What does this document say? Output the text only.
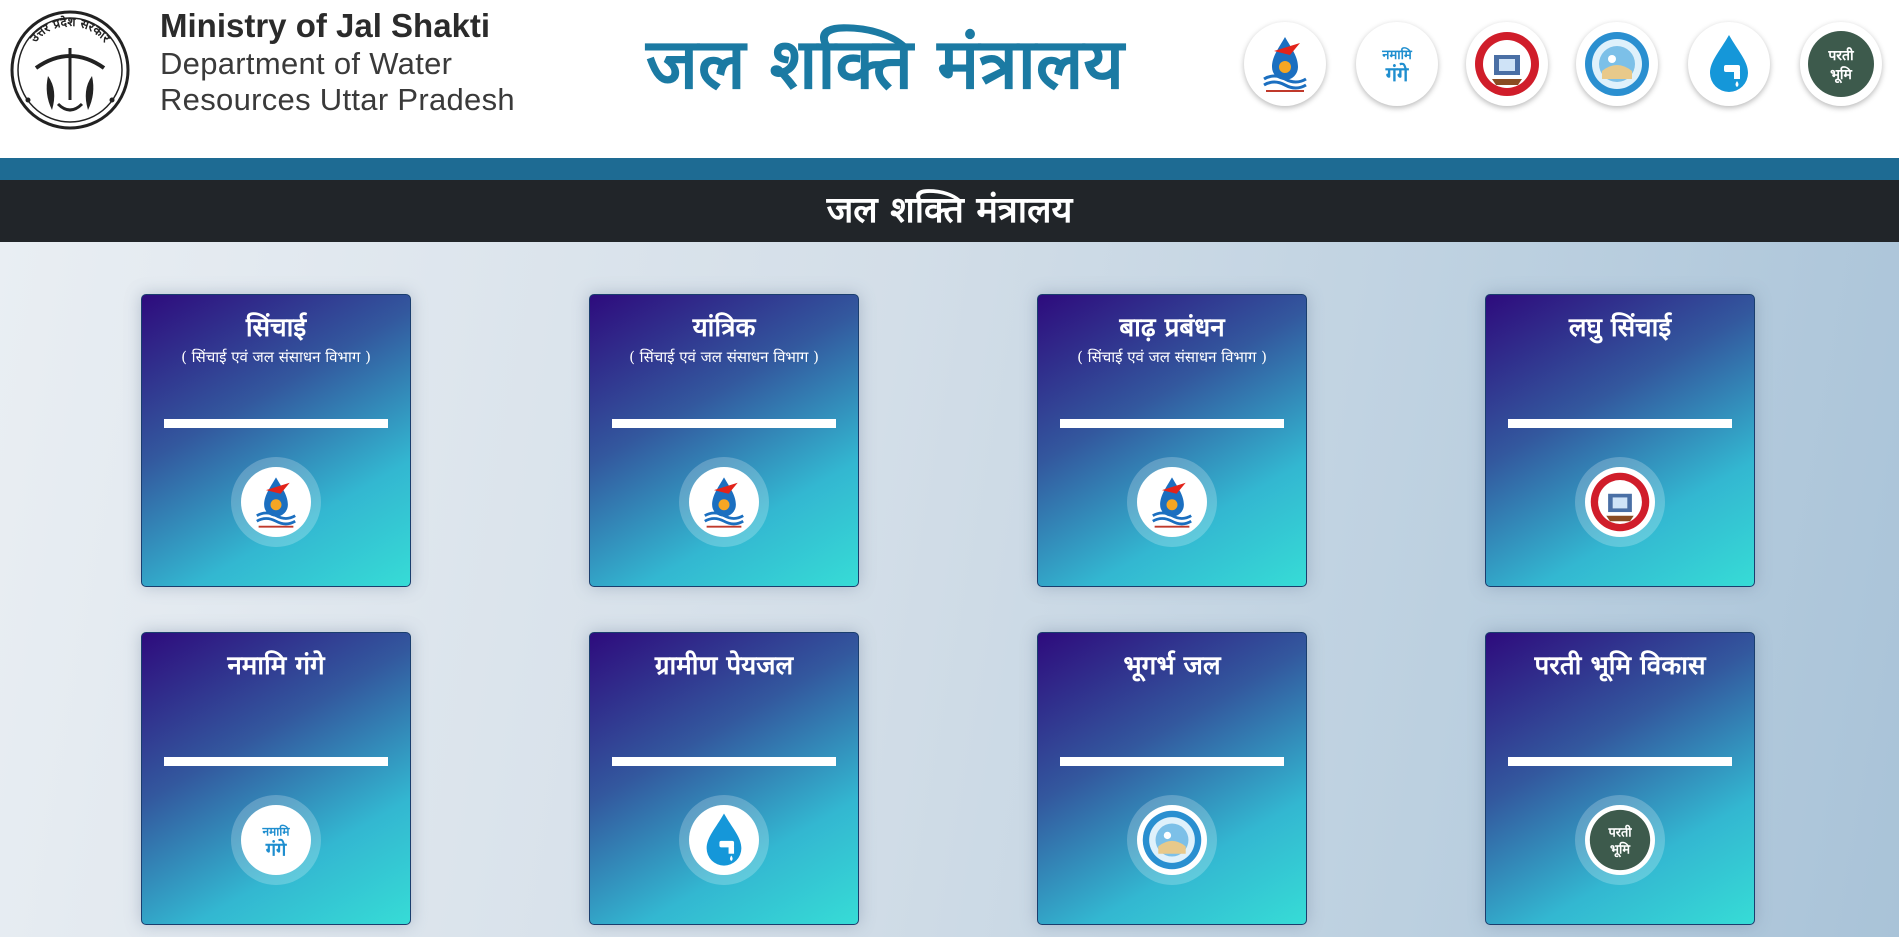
उत्तर प्रदेश सरकार Ministry of Jal Shakti
Department of Water
Resources Uttar Pradesh	जल शक्ति मंत्रालय	नमामि
गंगे
परती
भूमि
जल शक्ति मंत्रालय
सिंचाई
( सिंचाई एवं जल संसाधन विभाग )
यांत्रिक
( सिंचाई एवं जल संसाधन विभाग )
बाढ़ प्रबंधन
( सिंचाई एवं जल संसाधन विभाग )
लघु सिंचाई
नमामि गंगे
नमामि
गंगे
ग्रामीण पेयजल	भूगर्भ जल	परती भूमि विकास
परती
भूमि
